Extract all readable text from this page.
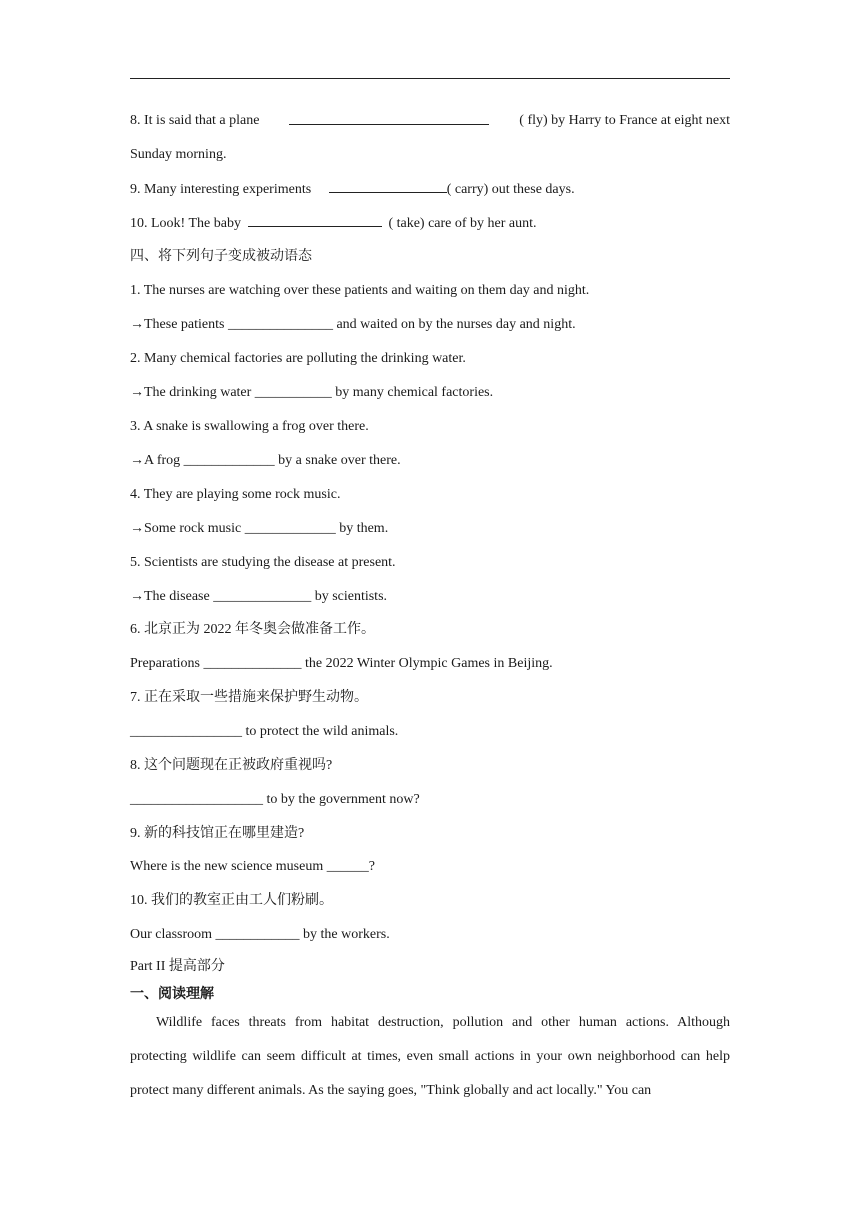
8. It is said that a plane	( fly) by Harry to France at eight next
Sunday morning.
9. Many interesting experiments	( carry) out these days.
10. Look! The baby	( take) care of by her aunt.
四、将下列句子变成被动语态
1. The nurses are watching over these patients and waiting on them day and night.
→These patients _______________ and waited on by the nurses day and night.
2. Many chemical factories are polluting the drinking water.
→The drinking water ___________ by many chemical factories.
3. A snake is swallowing a frog over there.
→A frog _____________ by a snake over there.
4. They are playing some rock music.
→Some rock music _____________ by them.
5. Scientists are studying the disease at present.
→The disease ______________ by scientists.
6. 北京正为 2022 年冬奥会做准备工作。
Preparations ______________ the 2022 Winter Olympic Games in Beijing.
7. 正在采取一些措施来保护野生动物。
________________ to protect the wild animals.
8. 这个问题现在正被政府重视吗?
___________________ to by the government now?
9. 新的科技馆正在哪里建造?
Where is the new science museum ______?
10. 我们的教室正由工人们粉刷。
Our classroom ____________ by the workers.
Part II 提高部分
一、阅读理解
Wildlife faces threats from habitat destruction, pollution and other human actions. Although protecting wildlife can seem difficult at times, even small actions in your own neighborhood can help protect many different animals. As the saying goes, "Think globally and act locally." You can
